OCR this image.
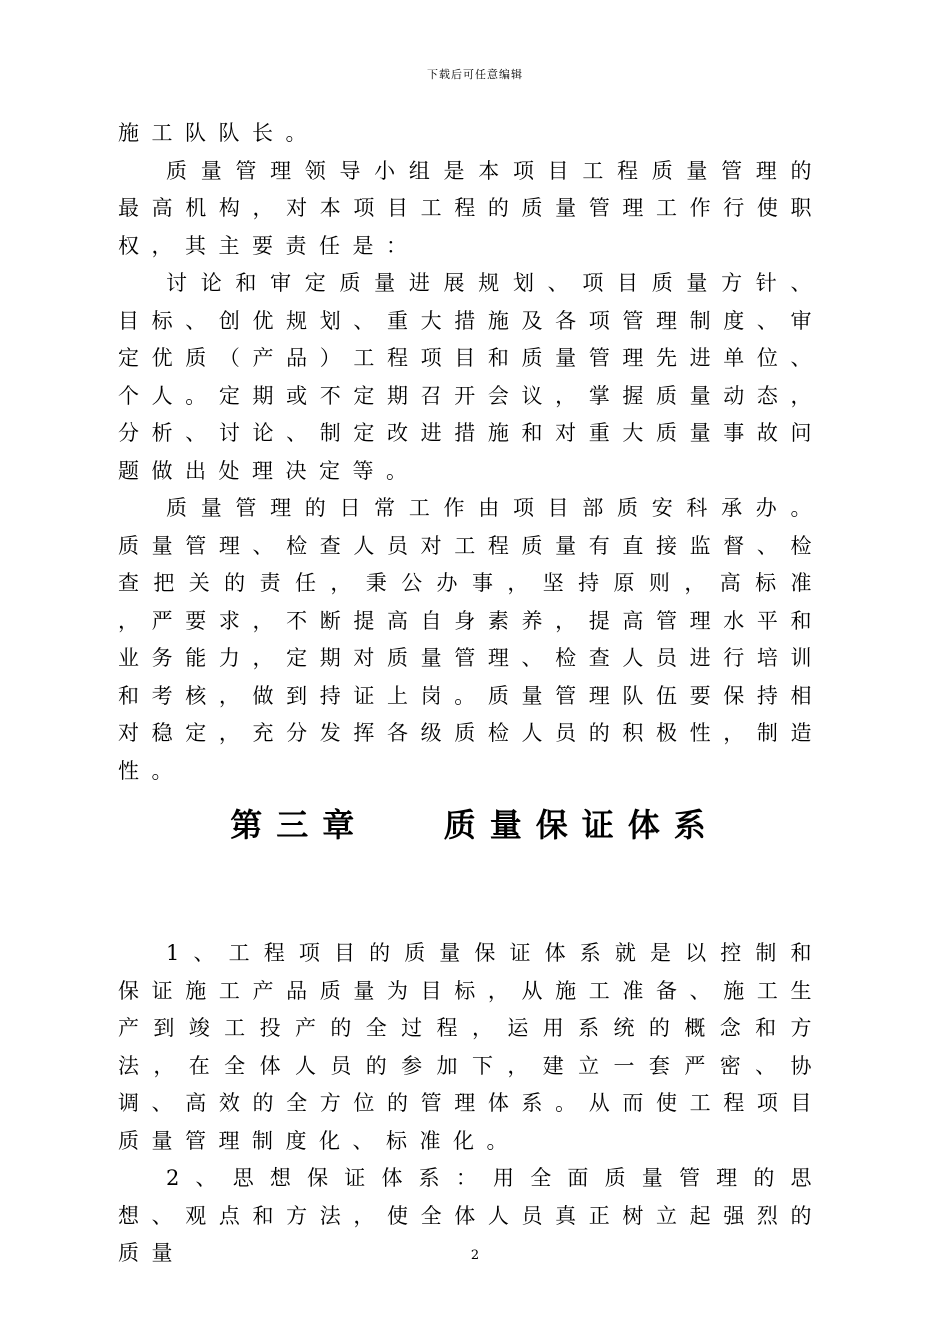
下载后可任意编辑

施工队队长。

质量管理领导小组是本项目工程质量管理的最高机构，对本项目工程的质量管理工作行使职权，其主要责任是：

讨论和审定质量进展规划、项目质量方针、目标、创优规划、重大措施及各项管理制度、审定优质（产品）工程项目和质量管理先进单位、个人。定期或不定期召开会议，掌握质量动态，分析、讨论、制定改进措施和对重大质量事故问题做出处理决定等。

质量管理的日常工作由项目部质安科承办。质量管理、检查人员对工程质量有直接监督、检查把关的责任，秉公办事，坚持原则，高标准 ，严要求，不断提高自身素养，提高管理水平和业务能力，定期对质量管理、检查人员进行培训和考核，做到持证上岗。质量管理队伍要保持相对稳定，充分发挥各级质检人员的积极性，制造性。

第三章   质量保证体系

1、工程项目的质量保证体系就是以控制和保证施工产品质量为目标，从施工准备、施工生产到竣工投产的全过程，运用系统的概念和方法，在全体人员的参加下，建立一套严密、协调、高效的全方位的管理体系。从而使工程项目质量管理制度化、标准化。

2、思想保证体系：用全面质量管理的思想、观点和方法，使全体人员真正树立起强烈的质量	2
